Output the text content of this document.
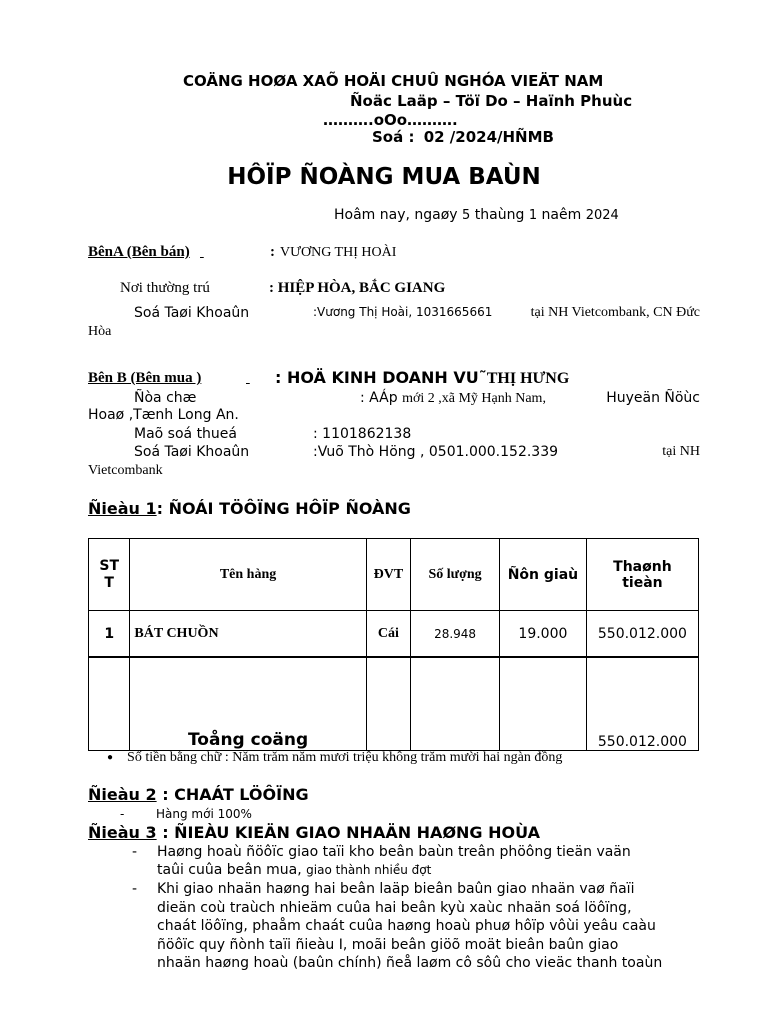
COÄNG HOØA XAÕ HOÄI CHUÛ NGHÓA VIEÄT NAM
Ñoäc Laäp – Töï Do – Haïnh Phuùc
……….oOo……….
Soá : 02 /2024/HÑMB
HÔÏP ÑOÀNG MUA BAÙN
Hoâm nay, ngaøy 5 thaùng 1 naêm 2024
BênA (Bên bán)
	: VƯƠNG THỊ HOÀI
Nơi thường trú	: HIỆP HÒA, BẮC GIANG
Soá Taøi Khoaûn	:Vương Thị Hoài, 1031665661	tại NH Vietcombank, CN Đức
Hòa
Bên B (Bên mua )
	: HOÄ KINH DOANH VU˜THỊ HƯNG
Ñòa chæ	: AÁp mới 2 ,xã Mỹ Hạnh Nam,	Huyeän Ñöùc
Hoaø ,Tænh Long An.
Maõ soá thueá	: 1101862138
Soá Taøi Khoaûn	:Vuõ Thò Höng , 0501.000.152.339	tại NH
Vietcombank
Ñieàu 1: ÑOÁI TÖÔÏNG HÔÏP ÑOÀNG
ST
T	Tên hàng	ĐVT	Số lượng	Ñôn giaù	Thaønh tieàn
1	BÁT CHUỒN	Cái	28.948	19.000	550.012.000
	Toång coäng				550.012.000
● Số tiền bằng chữ : Năm trăm năm mươi triệu không trăm mười hai ngàn đồng
Ñieàu 2 : CHAÁT LÖÔÏNG
-	Hàng mới 100%
Ñieàu 3 : ÑIEÀU KIEÄN GIAO NHAÄN HAØNG HOÙA
- Haøng hoaù ñöôïc giao taïi kho beân baùn treân phöông tieän vaän
taûi cuûa beân mua, giao thành nhiều đợt
- Khi giao nhaän haøng hai beân laäp bieân baûn giao nhaän vaø ñaïi
dieän coù traùch nhieäm cuûa hai beân kyù xaùc nhaän soá löôïng,
chaát löôïng, phaåm chaát cuûa haøng hoaù phuø hôïp vôùi yeâu caàu
ñöôïc quy ñònh taïi ñieàu I, moãi beân giöõ moät bieân baûn giao
nhaän haøng hoaù (baûn chính) ñeå laøm cô sôû cho vieäc thanh toaùn
